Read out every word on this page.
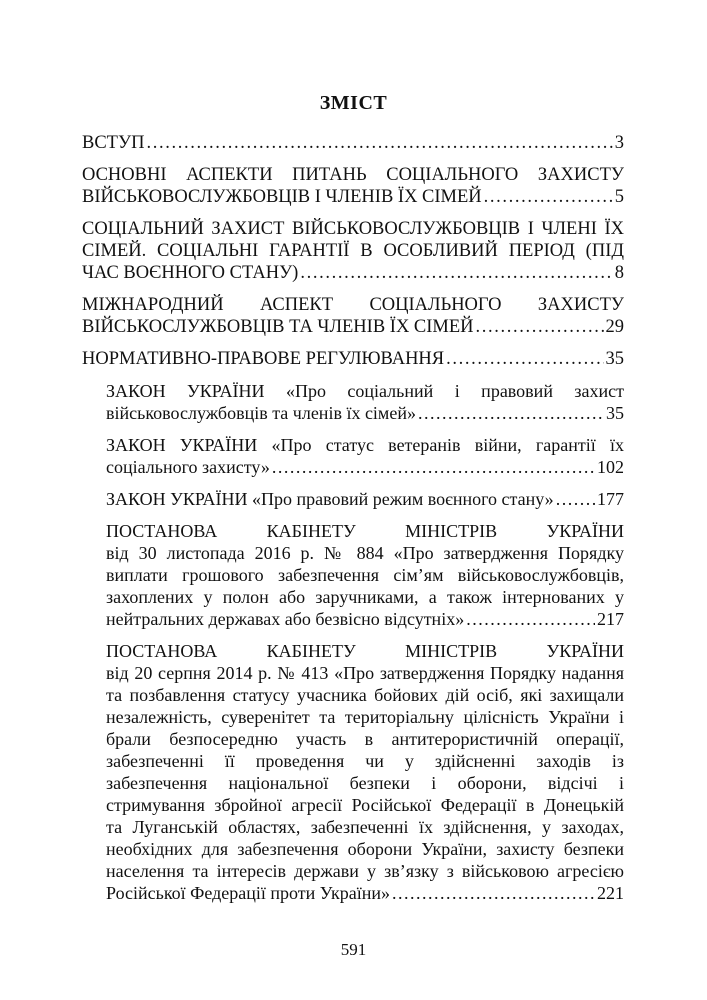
ЗМІСТ
ВСТУП . . .	3
ОСНОВНІ АСПЕКТИ ПИТАНЬ СОЦІАЛЬНОГО ЗАХИСТУ
ВІЙСЬКОВОСЛУЖБОВЦІВ І ЧЛЕНІВ ЇХ СІМЕЙ . . .	5
СОЦІАЛЬНИЙ ЗАХИСТ ВІЙСЬКОВОСЛУЖБОВЦІВ І ЧЛЕНІ ЇХ
СІМЕЙ. СОЦІАЛЬНІ ГАРАНТІЇ В ОСОБЛИВИЙ ПЕРІОД (ПІД
ЧАС ВОЄННОГО СТАНУ) . . .	8
МІЖНАРОДНИЙ АСПЕКТ СОЦІАЛЬНОГО ЗАХИСТУ
ВІЙСЬКОСЛУЖБОВЦІВ ТА ЧЛЕНІВ ЇХ СІМЕЙ . . .	29
НОРМАТИВНО-ПРАВОВЕ РЕГУЛЮВАННЯ . . .	35
ЗАКОН УКРАЇНИ «Про соціальний і правовий захист
військовослужбовців та членів їх сімей» . . .	35
ЗАКОН УКРАЇНИ «Про статус ветеранів війни, гарантії їх
соціального захисту» . . .	102
ЗАКОН УКРАЇНИ «Про правовий режим воєнного стану» . . . 177
ПОСТАНОВА КАБІНЕТУ МІНІСТРІВ УКРАЇНИ
від 30 листопада 2016 р. № 884 «Про затвердження Порядку
виплати грошового забезпечення сім’ям військовослужбовців,
захоплених у полон або заручниками, а також інтернованих у
нейтральних державах або безвісно відсутніх» . . .	217
ПОСТАНОВА КАБІНЕТУ МІНІСТРІВ УКРАЇНИ
від 20 серпня 2014 р. № 413 «Про затвердження Порядку надання
та позбавлення статусу учасника бойових дій осіб, які захищали
незалежність, суверенітет та територіальну цілісність України і
брали безпосередню участь в антитерористичній операції,
забезпеченні її проведення чи у здійсненні заходів із
забезпечення національної безпеки і оборони, відсічі і
стримування збройної агресії Російської Федерації в Донецькій
та Луганській областях, забезпеченні їх здійснення, у заходах,
необхідних для забезпечення оборони України, захисту безпеки
населення та інтересів держави у зв’язку з військовою агресією
Російської Федерації проти України» . . .	221
591
